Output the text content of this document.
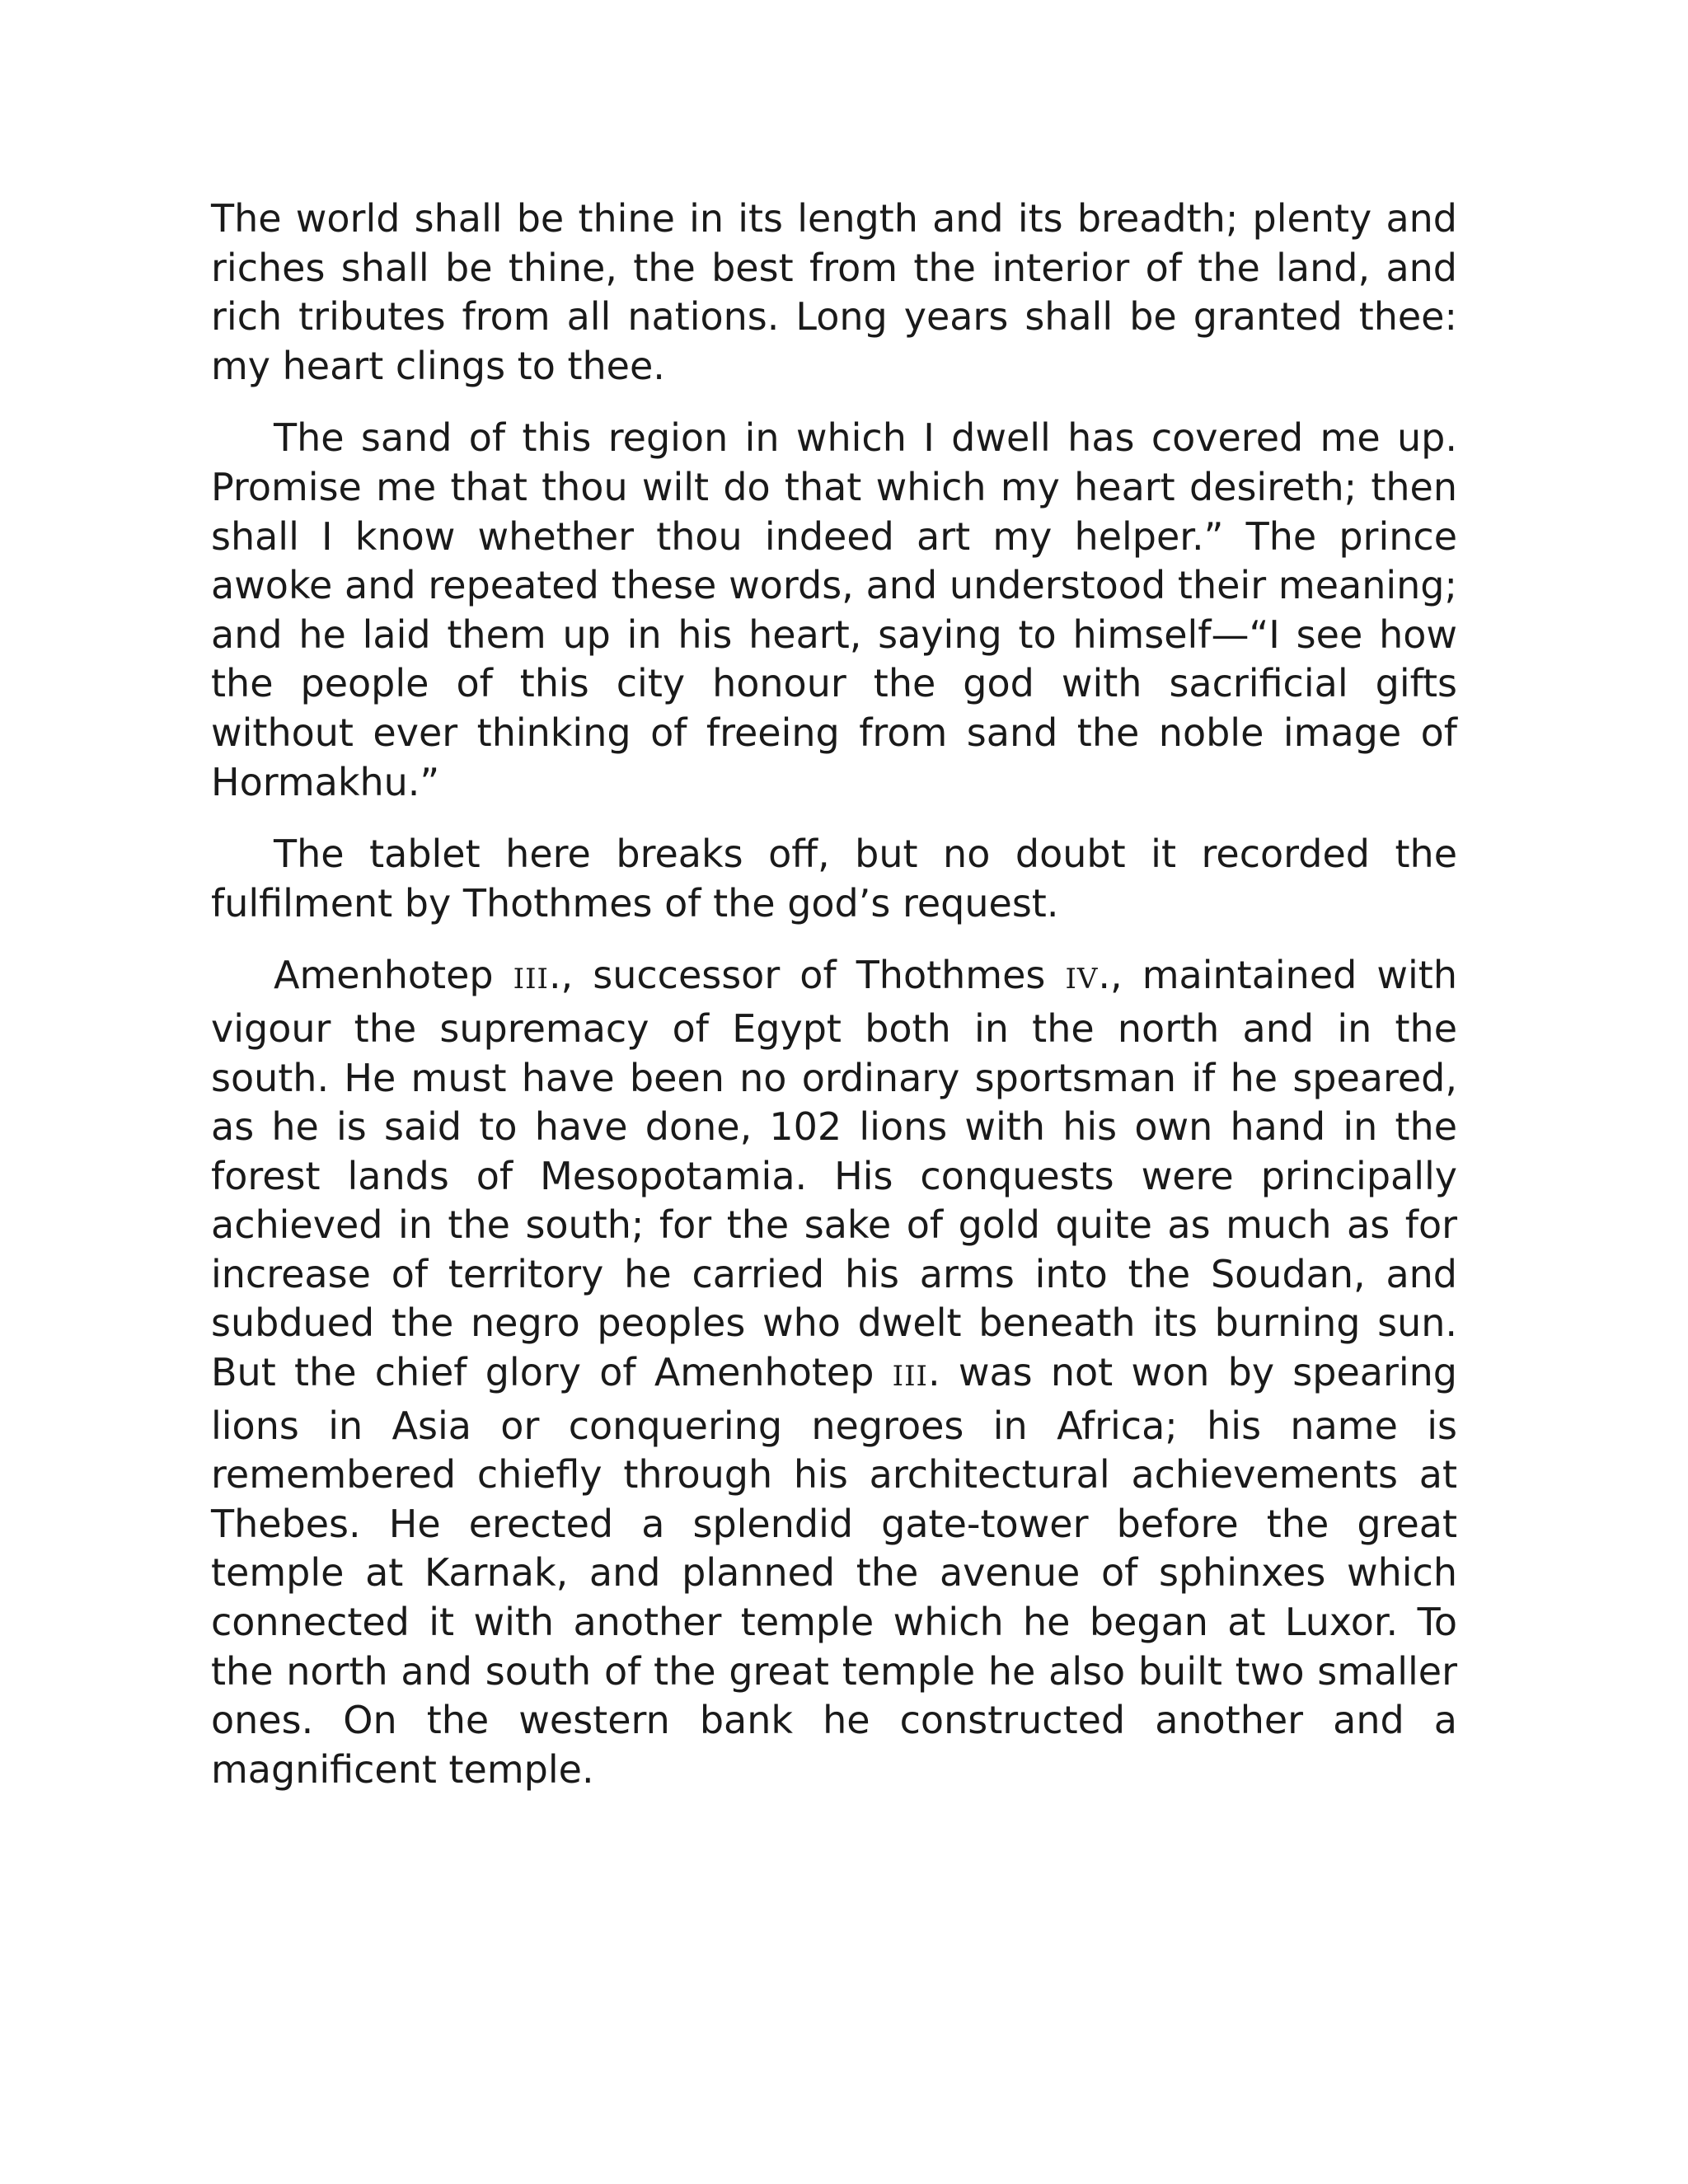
The world shall be thine in its length and its breadth; plenty and riches shall be thine, the best from the interior of the land, and rich tributes from all nations. Long years shall be granted thee: my heart clings to thee.

The sand of this region in which I dwell has covered me up. Promise me that thou wilt do that which my heart desireth; then shall I know whether thou indeed art my helper.” The prince awoke and repeated these words, and understood their meaning; and he laid them up in his heart, saying to himself—“I see how the people of this city honour the god with sacrificial gifts without ever thinking of freeing from sand the noble image of Hormakhu.”

The tablet here breaks off, but no doubt it recorded the fulfilment by Thothmes of the god’s request.

Amenhotep III., successor of Thothmes IV., maintained with vigour the supremacy of Egypt both in the north and in the south. He must have been no ordinary sportsman if he speared, as he is said to have done, 102 lions with his own hand in the forest lands of Mesopotamia. His conquests were principally achieved in the south; for the sake of gold quite as much as for increase of territory he carried his arms into the Soudan, and subdued the negro peoples who dwelt beneath its burning sun. But the chief glory of Amenhotep III. was not won by spearing lions in Asia or conquering negroes in Africa; his name is remembered chiefly through his architectural achievements at Thebes. He erected a splendid gate-tower before the great temple at Karnak, and planned the avenue of sphinxes which connected it with another temple which he began at Luxor. To the north and south of the great temple he also built two smaller ones. On the western bank he constructed another and a magnificent temple.
